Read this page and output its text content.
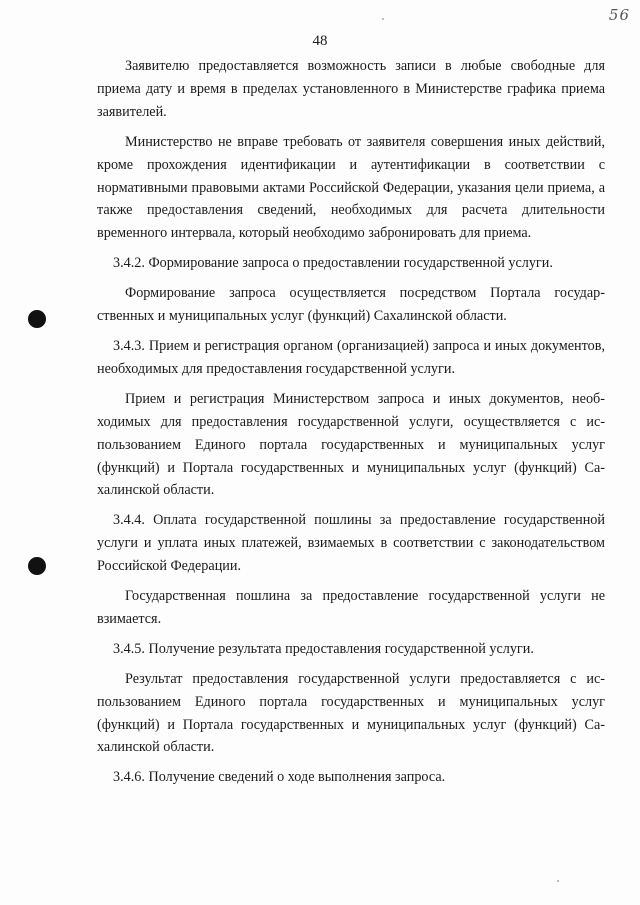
56
48

Заявителю предоставляется возможность записи в любые свободные для приема дату и время в пределах установленного в Министерстве графика приема заявителей.

Министерство не вправе требовать от заявителя совершения иных действий, кроме прохождения идентификации и аутентификации в соответствии с нормативными правовыми актами Российской Федерации, указания цели приема, а также предоставления сведений, необходимых для расчета длительности временного интервала, который необходимо забронировать для приема.

3.4.2. Формирование запроса о предоставлении государственной услуги.

Формирование запроса осуществляется посредством Портала государственных и муниципальных услуг (функций) Сахалинской области.

3.4.3. Прием и регистрация органом (организацией) запроса и иных документов, необходимых для предоставления государственной услуги.

Прием и регистрация Министерством запроса и иных документов, необходимых для предоставления государственной услуги, осуществляется с использованием Единого портала государственных и муниципальных услуг (функций) и Портала государственных и муниципальных услуг (функций) Сахалинской области.

3.4.4. Оплата государственной пошлины за предоставление государственной услуги и уплата иных платежей, взимаемых в соответствии с законодательством Российской Федерации.

Государственная пошлина за предоставление государственной услуги не взимается.

3.4.5. Получение результата предоставления государственной услуги.

Результат предоставления государственной услуги предоставляется с использованием Единого портала государственных и муниципальных услуг (функций) и Портала государственных и муниципальных услуг (функций) Сахалинской области.

3.4.6. Получение сведений о ходе выполнения запроса.
